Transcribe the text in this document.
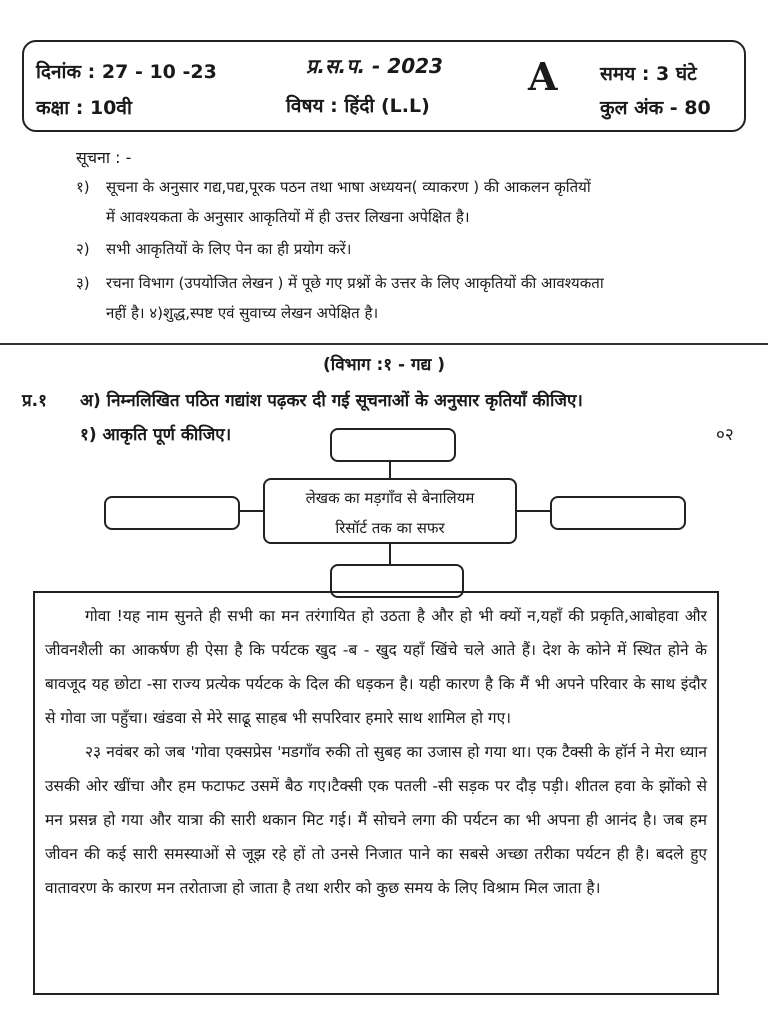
दिनांक : 27 - 10 -23
कक्षा : 10वी
प्र.स.प. - 2023
विषय : हिंदी (L.L)
A समय : 3 घंटे
कुल अंक - 80
सूचना : -
१) सूचना के अनुसार गद्य,पद्य,पूरक पठन तथा भाषा अध्ययन( व्याकरण ) की आकलन कृतियों
में आवश्यकता के अनुसार आकृतियों में ही उत्तर लिखना अपेक्षित है।
२) सभी आकृतियों के लिए पेन का ही प्रयोग करें।
३) रचना विभाग (उपयोजित लेखन ) में पूछे गए प्रश्नों के उत्तर के लिए आकृतियों की आवश्यकता
नहीं है। ४)शुद्ध,स्पष्ट एवं सुवाच्य लेखन अपेक्षित है।
(विभाग :१ - गद्य )
प्र.१ अ) निम्नलिखित पठित गद्यांश पढ़कर दी गई सूचनाओं के अनुसार कृतियाँ कीजिए।
१) आकृति पूर्ण कीजिए।	०२
लेखक का मड़गाँव से बेनालियम
रिसॉर्ट तक का सफर

गोवा !यह नाम सुनते ही सभी का मन तरंगायित हो उठता है और हो भी क्यों न,यहाँ की प्रकृति,आबोहवा और जीवनशैली का आकर्षण ही ऐसा है कि पर्यटक खुद -ब - खुद यहाँ खिंचे चले आते हैं। देश के कोने में स्थित होने के बावजूद यह छोटा -सा राज्य प्रत्येक पर्यटक के दिल की धड़कन है। यही कारण है कि मैं भी अपने परिवार के साथ इंदौर से गोवा जा पहुँचा। खंडवा से मेरे साढू साहब भी सपरिवार हमारे साथ शामिल हो गए।

२३ नवंबर को जब 'गोवा एक्सप्रेस 'मडगाँव रुकी तो सुबह का उजास हो गया था। एक टैक्सी के हॉर्न ने मेरा ध्यान उसकी ओर खींचा और हम फटाफट उसमें बैठ गए।टैक्सी एक पतली -सी सड़क पर दौड़ पड़ी। शीतल हवा के झोंको से मन प्रसन्न हो गया और यात्रा की सारी थकान मिट गई। मैं सोचने लगा की पर्यटन का भी अपना ही आनंद है। जब हम जीवन की कई सारी समस्याओं से जूझ रहे हों तो उनसे निजात पाने का सबसे अच्छा तरीका पर्यटन ही है। बदले हुए वातावरण के कारण मन तरोताजा हो जाता है तथा शरीर को कुछ समय के लिए विश्राम मिल जाता है।
